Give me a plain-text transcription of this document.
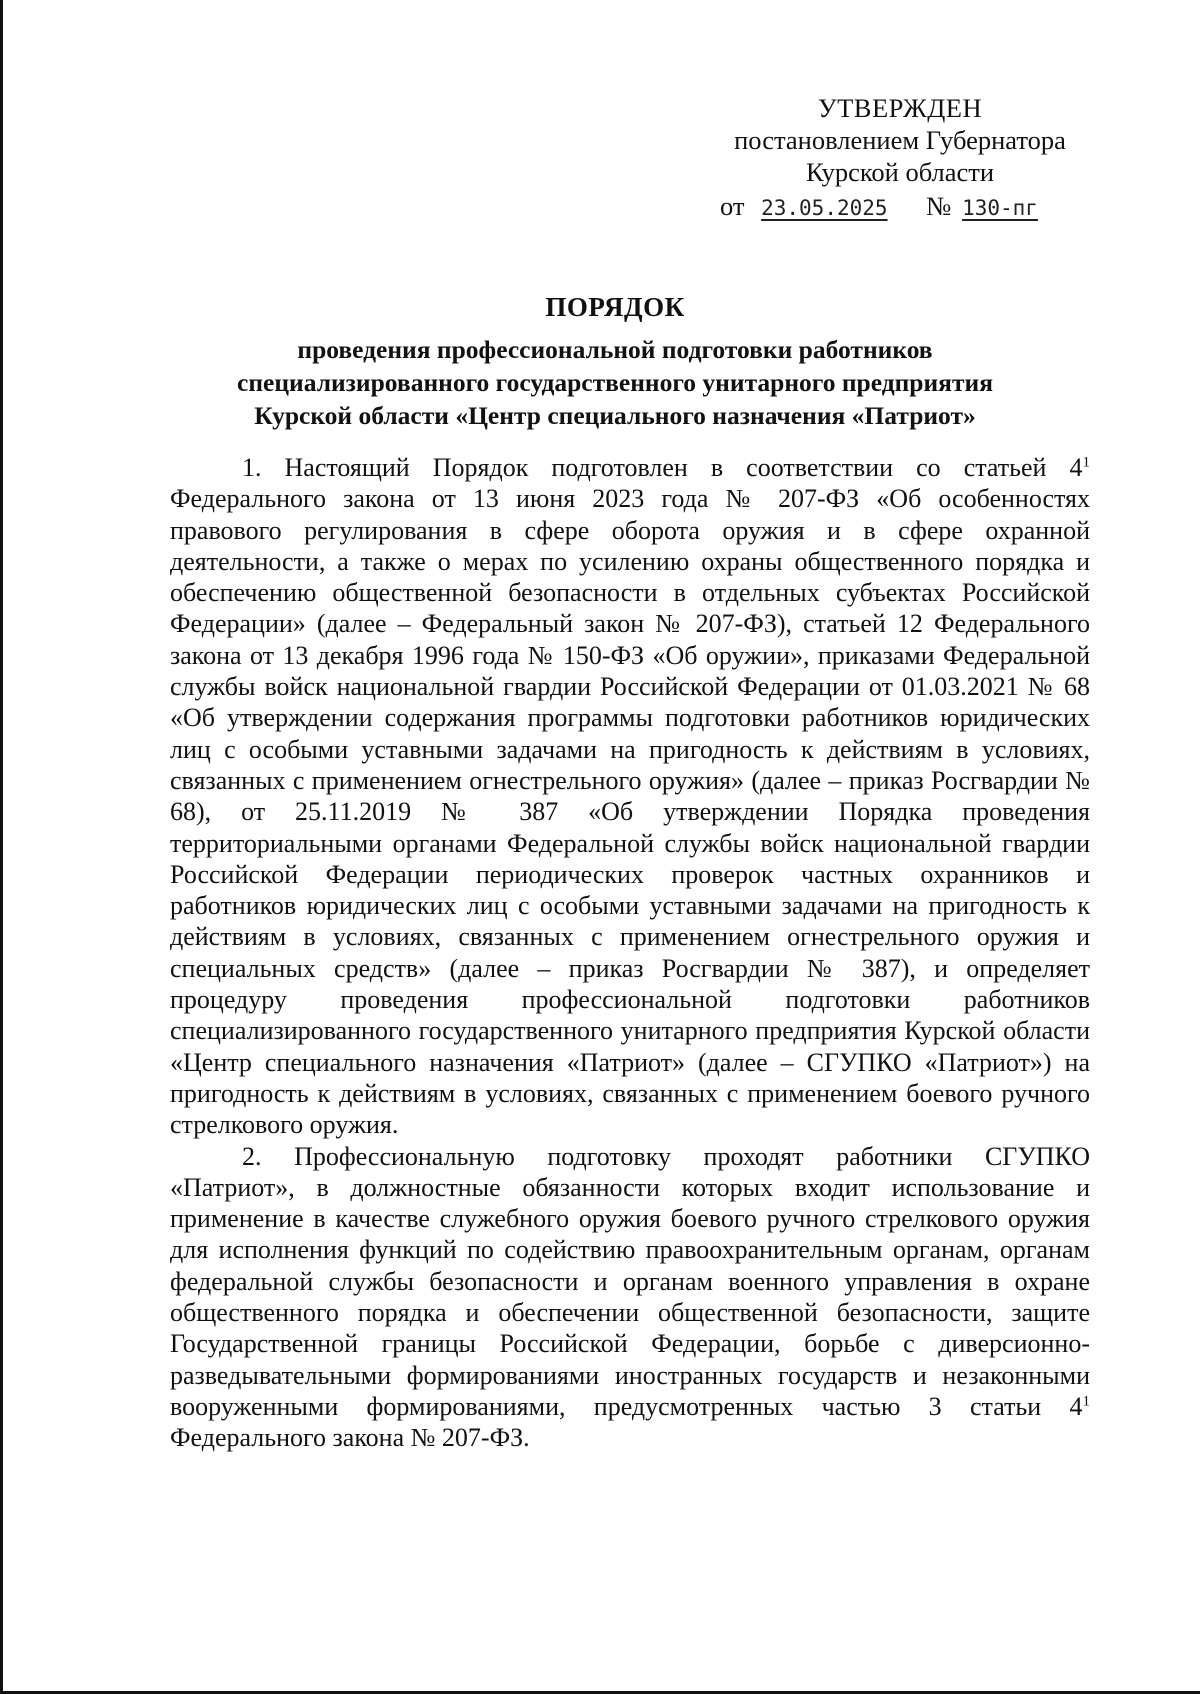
УТВЕРЖДЕН
постановлением Губернатора
Курской области
от 23.05.2025 № 130-пг
ПОРЯДОК
проведения профессиональной подготовки работников
специализированного государственного унитарного предприятия
Курской области «Центр специального назначения «Патриот»

1. Настоящий Порядок подготовлен в соответствии со статьей $4^1$ Федерального закона от 13 июня 2023 года № 207-ФЗ «Об особенностях правового регулирования в сфере оборота оружия и в сфере охранной деятельности, а также о мерах по усилению охраны общественного порядка и обеспечению общественной безопасности в отдельных субъектах Российской Федерации» (далее – Федеральный закон № 207-ФЗ), статьей 12 Федерального закона от 13 декабря 1996 года № 150-ФЗ «Об оружии», приказами Федеральной службы войск национальной гвардии Российской Федерации от 01.03.2021 № 68 «Об утверждении содержания программы подготовки работников юридических лиц с особыми уставными задачами на пригодность к действиям в условиях, связанных с применением огнестрельного оружия» (далее – приказ Росгвардии № 68), от 25.11.2019 № 387 «Об утверждении Порядка проведения территориальными органами Федеральной службы войск национальной гвардии Российской Федерации периодических проверок частных охранников и работников юридических лиц с особыми уставными задачами на пригодность к действиям в условиях, связанных с применением огнестрельного оружия и специальных средств» (далее – приказ Росгвардии № 387), и определяет процедуру проведения профессиональной подготовки работников специализированного государственного унитарного предприятия Курской области «Центр специального назначения «Патриот» (далее – СГУПКО «Патриот») на пригодность к действиям в условиях, связанных с применением боевого ручного стрелкового оружия.

2. Профессиональную подготовку проходят работники СГУПКО «Патриот», в должностные обязанности которых входит использование и применение в качестве служебного оружия боевого ручного стрелкового оружия для исполнения функций по содействию правоохранительным органам, органам федеральной службы безопасности и органам военного управления в охране общественного порядка и обеспечении общественной безопасности, защите Государственной границы Российской Федерации, борьбе с диверсионно-разведывательными формированиями иностранных государств и незаконными вооруженными формированиями, предусмотренных частью 3 статьи $4^1$ Федерального закона № 207-ФЗ.
